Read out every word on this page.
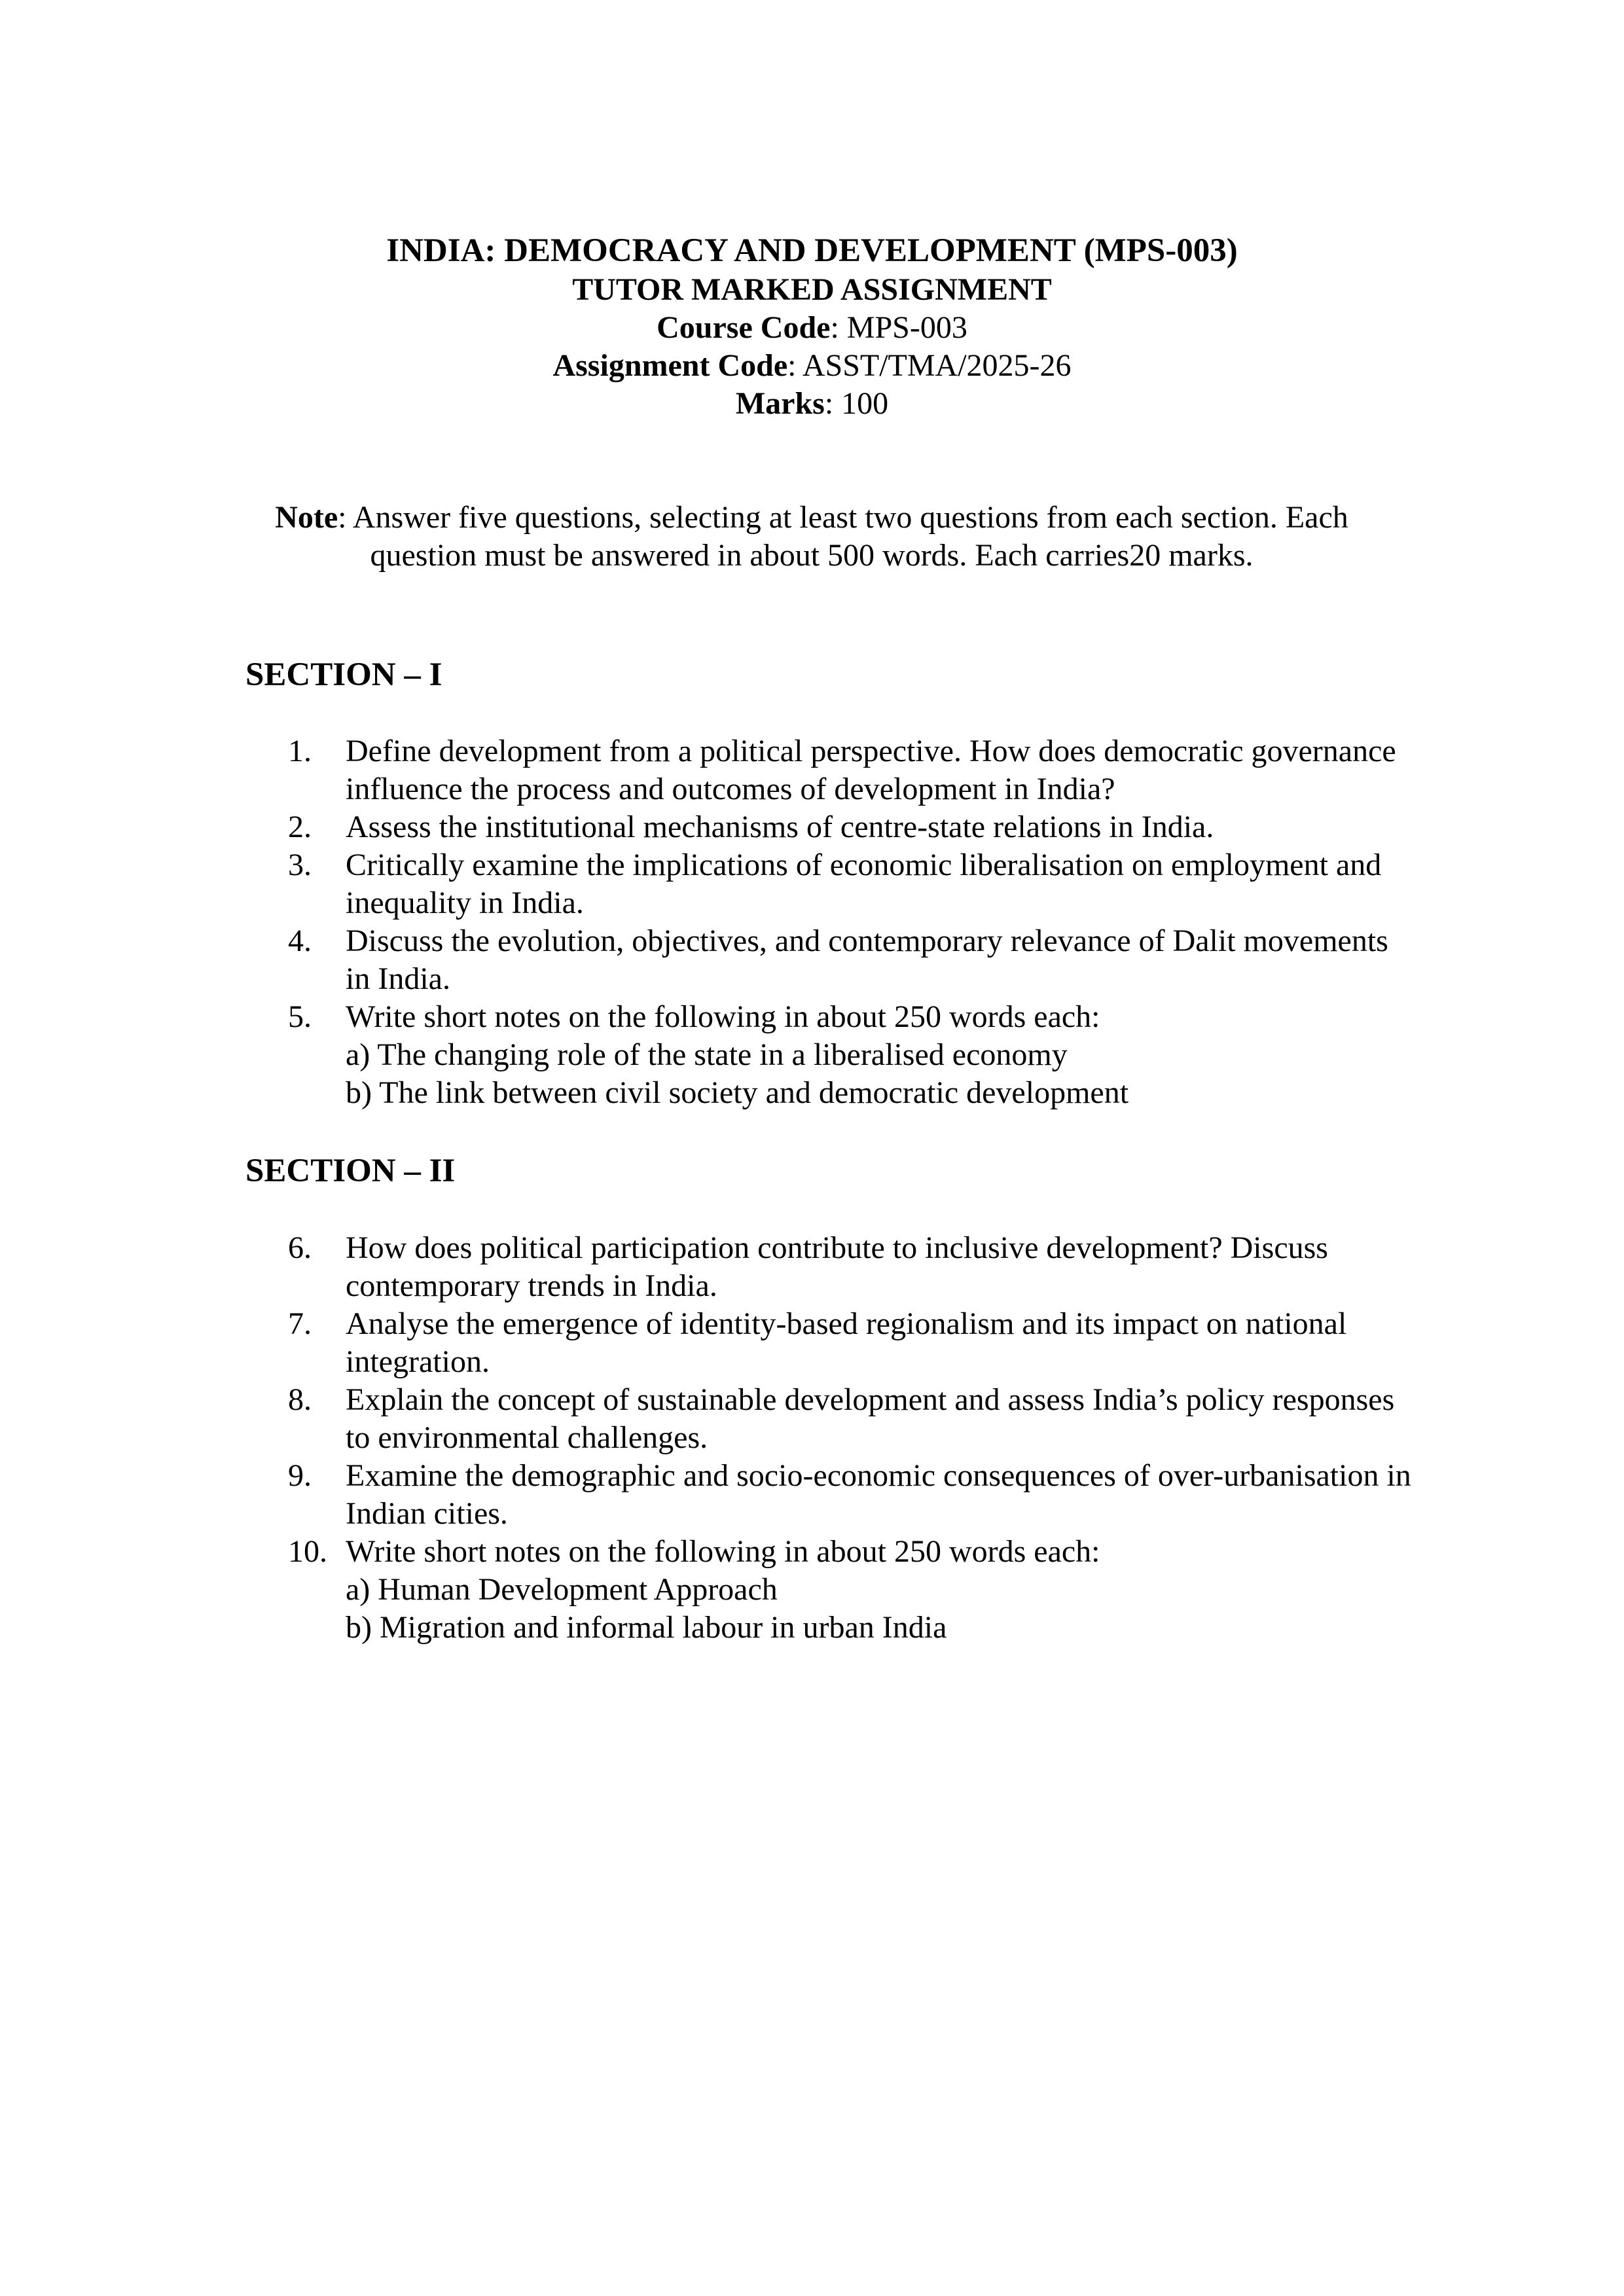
INDIA: DEMOCRACY AND DEVELOPMENT (MPS-003)
TUTOR MARKED ASSIGNMENT
Course Code: MPS-003
Assignment Code: ASST/TMA/2025-26
Marks: 100
Note: Answer five questions, selecting at least two questions from each section. Each question must be answered in about 500 words. Each carries20 marks.
SECTION – I
1.	Define development from a political perspective. How does democratic governance influence the process and outcomes of development in India?
2.	Assess the institutional mechanisms of centre-state relations in India.
3.	Critically examine the implications of economic liberalisation on employment and inequality in India.
4.	Discuss the evolution, objectives, and contemporary relevance of Dalit movements in India.
5.	Write short notes on the following in about 250 words each:
a) The changing role of the state in a liberalised economy
b) The link between civil society and democratic development
SECTION – II
6.	How does political participation contribute to inclusive development? Discuss contemporary trends in India.
7.	Analyse the emergence of identity-based regionalism and its impact on national integration.
8.	Explain the concept of sustainable development and assess India’s policy responses to environmental challenges.
9.	Examine the demographic and socio-economic consequences of over-urbanisation in Indian cities.
10. Write short notes on the following in about 250 words each:
a) Human Development Approach
b) Migration and informal labour in urban India
